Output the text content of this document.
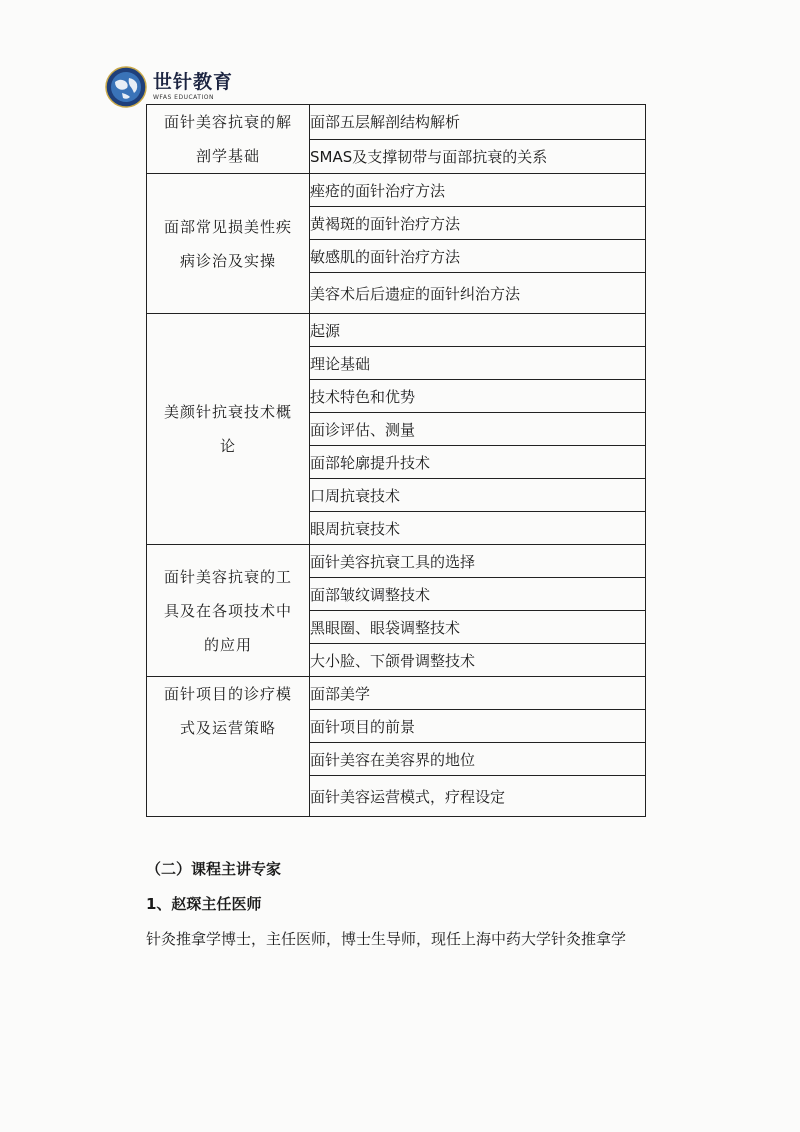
世针教育
WFAS EDUCATION
面针美容抗衰的解
剖学基础	面部五层解剖结构解析
	SMAS及支撑韧带与面部抗衰的关系

面部常见损美性疾
病诊治及实操	痤疮的面针治疗方法
	黄褐斑的面针治疗方法
	敏感肌的面针治疗方法
	美容术后后遗症的面针纠治方法

美颜针抗衰技术概
论	起源
	理论基础
	技术特色和优势
	面诊评估、测量
	面部轮廓提升技术
	口周抗衰技术
	眼周抗衰技术

面针美容抗衰的工
具及在各项技术中
的应用	面针美容抗衰工具的选择
	面部皱纹调整技术
	黑眼圈、眼袋调整技术
	大小脸、下颌骨调整技术

面针项目的诊疗模
式及运营策略	面部美学
	面针项目的前景
	面针美容在美容界的地位
	面针美容运营模式，疗程设定
（二）课程主讲专家
1、赵琛主任医师
针灸推拿学博士，主任医师，博士生导师，现任上海中药大学针灸推拿学
